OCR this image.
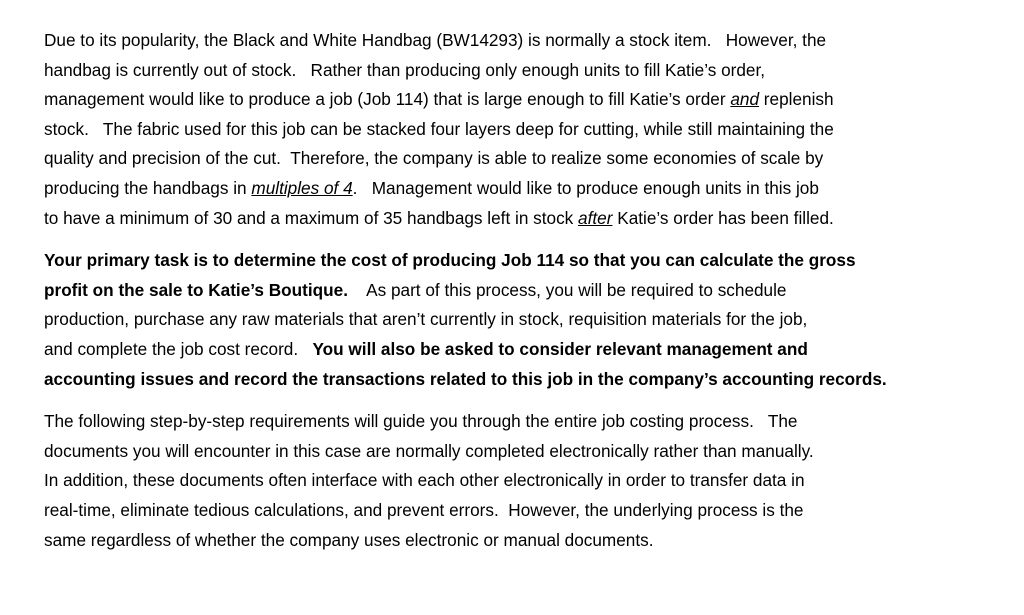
Due to its popularity, the Black and White Handbag (BW14293) is normally a stock item.   However, the
handbag is currently out of stock.   Rather than producing only enough units to fill Katie’s order,
management would like to produce a job (Job 114) that is large enough to fill Katie’s order and replenish
stock.   The fabric used for this job can be stacked four layers deep for cutting, while still maintaining the
quality and precision of the cut.  Therefore, the company is able to realize some economies of scale by
producing the handbags in multiples of 4.   Management would like to produce enough units in this job
to have a minimum of 30 and a maximum of 35 handbags left in stock after Katie’s order has been filled.

Your primary task is to determine the cost of producing Job 114 so that you can calculate the gross
profit on the sale to Katie’s Boutique.    As part of this process, you will be required to schedule
production, purchase any raw materials that aren’t currently in stock, requisition materials for the job,
and complete the job cost record.   You will also be asked to consider relevant management and
accounting issues and record the transactions related to this job in the company’s accounting records.

The following step-by-step requirements will guide you through the entire job costing process.   The
documents you will encounter in this case are normally completed electronically rather than manually.
In addition, these documents often interface with each other electronically in order to transfer data in
real-time, eliminate tedious calculations, and prevent errors.  However, the underlying process is the
same regardless of whether the company uses electronic or manual documents.
